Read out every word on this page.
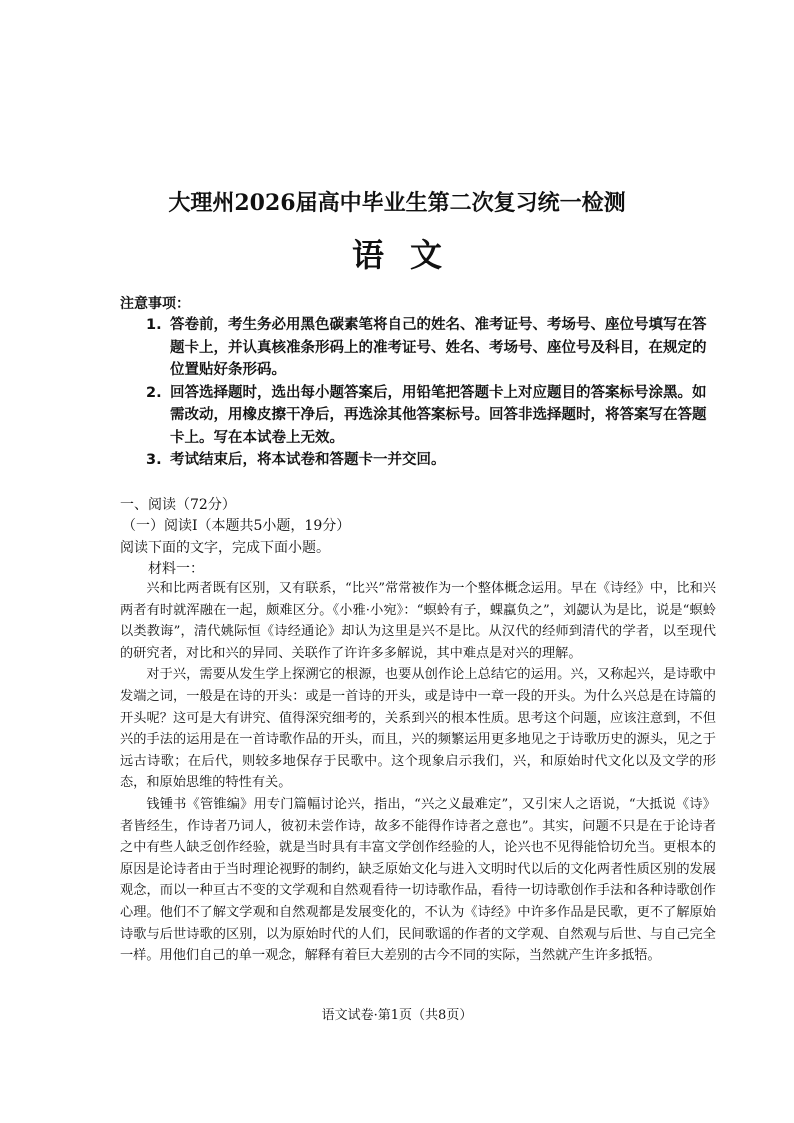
大理州2026届高中毕业生第二次复习统一检测
语文
注意事项：
1. 答卷前，考生务必用黑色碳素笔将自己的姓名、准考证号、考场号、座位号填写在答题卡上，并认真核准条形码上的准考证号、姓名、考场号、座位号及科目，在规定的位置贴好条形码。
2. 回答选择题时，选出每小题答案后，用铅笔把答题卡上对应题目的答案标号涂黑。如需改动，用橡皮擦干净后，再选涂其他答案标号。回答非选择题时，将答案写在答题卡上。写在本试卷上无效。
3. 考试结束后，将本试卷和答题卡一并交回。
一、阅读（72分）
（一）阅读Ⅰ（本题共5小题，19分）
阅读下面的文字，完成下面小题。
材料一：

兴和比两者既有区别，又有联系，“比兴”常常被作为一个整体概念运用。早在《诗经》中，比和兴两者有时就浑融在一起，颇难区分。《小雅·小宛》：“螟蛉有子，蜾蠃负之”，刘勰认为是比，说是“螟蛉以类教诲”，清代姚际恒《诗经通论》却认为这里是兴不是比。从汉代的经师到清代的学者，以至现代的研究者，对比和兴的异同、关联作了许许多多解说，其中难点是对兴的理解。

对于兴，需要从发生学上探溯它的根源，也要从创作论上总结它的运用。兴，又称起兴，是诗歌中发端之词，一般是在诗的开头：或是一首诗的开头，或是诗中一章一段的开头。为什么兴总是在诗篇的开头呢？这可是大有讲究、值得深究细考的，关系到兴的根本性质。思考这个问题，应该注意到，不但兴的手法的运用是在一首诗歌作品的开头，而且，兴的频繁运用更多地见之于诗歌历史的源头，见之于远古诗歌；在后代，则较多地保存于民歌中。这个现象启示我们，兴，和原始时代文化以及文学的形态，和原始思维的特性有关。

钱锺书《管锥编》用专门篇幅讨论兴，指出，“兴之义最难定”，又引宋人之语说，“大抵说《诗》者皆经生，作诗者乃词人，彼初未尝作诗，故多不能得作诗者之意也”。其实，问题不只是在于论诗者之中有些人缺乏创作经验，就是当时具有丰富文学创作经验的人，论兴也不见得能恰切允当。更根本的原因是论诗者由于当时理论视野的制约，缺乏原始文化与进入文明时代以后的文化两者性质区别的发展观念，而以一种亘古不变的文学观和自然观看待一切诗歌作品，看待一切诗歌创作手法和各种诗歌创作心理。他们不了解文学观和自然观都是发展变化的，不认为《诗经》中许多作品是民歌，更不了解原始诗歌与后世诗歌的区别，以为原始时代的人们，民间歌谣的作者的文学观、自然观与后世、与自己完全一样。用他们自己的单一观念，解释有着巨大差别的古今不同的实际，当然就产生许多抵牾。

语文试卷·第1页（共8页）
